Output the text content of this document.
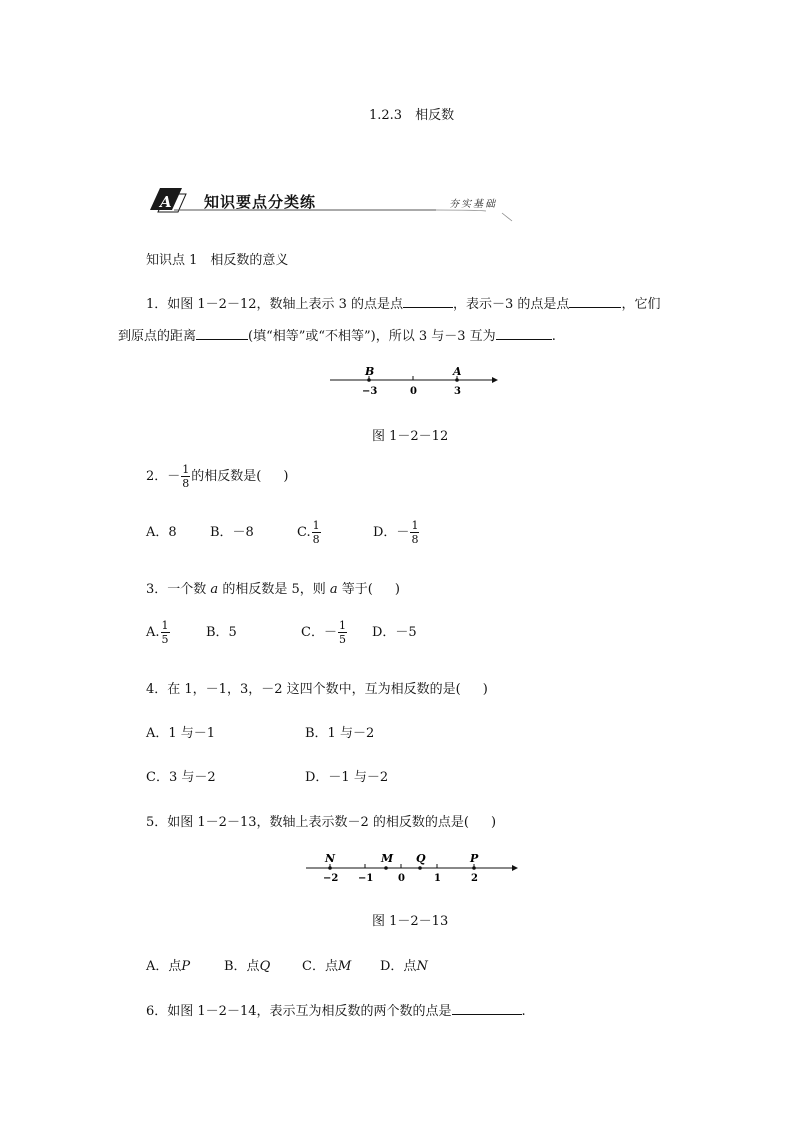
1.2.3　相反数
A 知识要点分类练	夯实基础
知识点 1　相反数的意义
1．如图 1－2－12，数轴上表示 3 的点是点	，表示－3 的点是点	，它们
到原点的距离	(填“相等”或“不相等”)，所以 3 与－3 互为	.
B	A
−3	0	3
图 1－2－12
2．－ $\frac{1}{8}$ 的相反数是( )
A．8	B．－8	C. $\frac{1}{8}$	D．－ $\frac{1}{8}$
3．一个数 a 的相反数是 5，则 a 等于( )
A. $\frac{1}{5}$	B．5	C．－ $\frac{1}{5}$ D．－5
4．在 1，－1，3，－2 这四个数中，互为相反数的是( )
A．1 与－1	B．1 与－2
C．3 与－2	D．－1 与－2
5．如图 1－2－13，数轴上表示数－2 的相反数的点是( )
N	M Q	P
−2 −1 0	1	2
图 1－2－13
A．点P	B．点Q C．点M D．点N
6．如图 1－2－14，表示互为相反数的两个数的点是	.
